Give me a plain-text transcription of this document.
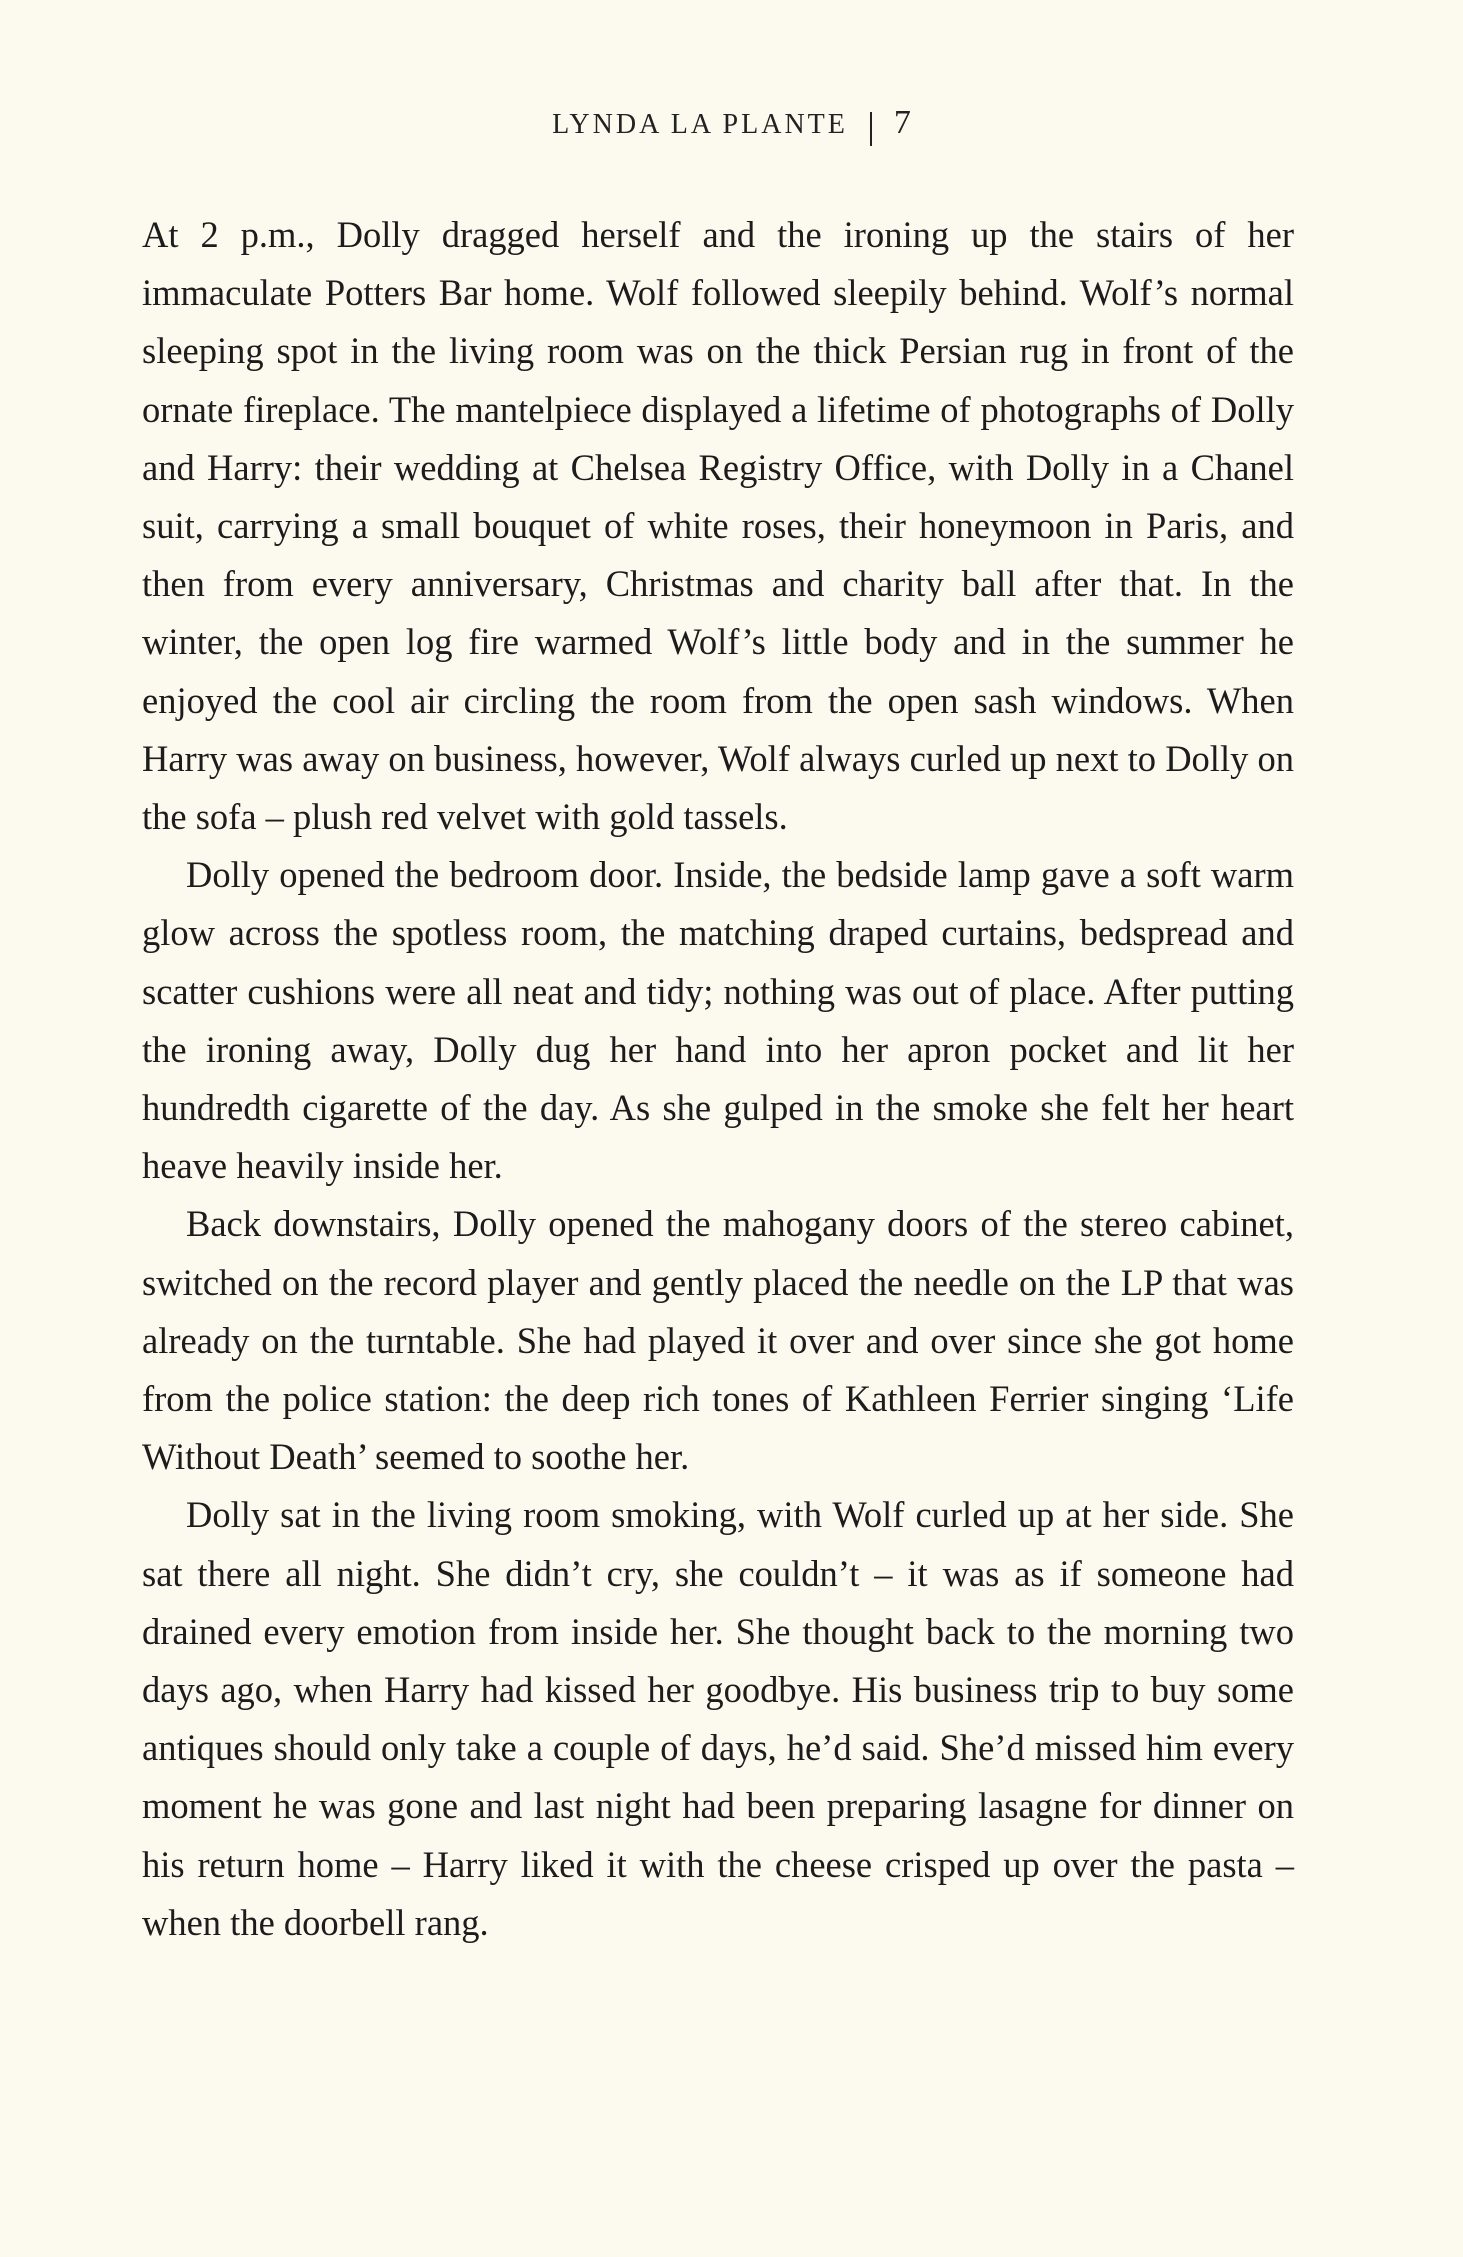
LYNDA LA PLANTE 7

At 2 p.m., Dolly dragged herself and the ironing up the stairs of her immaculate Potters Bar home. Wolf followed sleepily behind. Wolf’s normal sleeping spot in the living room was on the thick Persian rug in front of the ornate fireplace. The mantelpiece displayed a lifetime of photographs of Dolly and Harry: their wedding at Chelsea Registry Office, with Dolly in a Chanel suit, carrying a small bouquet of white roses, their honeymoon in Paris, and then from every anniversary, Christmas and charity ball after that. In the winter, the open log fire warmed Wolf’s little body and in the summer he enjoyed the cool air circling the room from the open sash windows. When Harry was away on business, however, Wolf always curled up next to Dolly on the sofa – plush red velvet with gold tassels.

Dolly opened the bedroom door. Inside, the bedside lamp gave a soft warm glow across the spotless room, the matching draped curtains, bedspread and scatter cushions were all neat and tidy; nothing was out of place. After putting the ironing away, Dolly dug her hand into her apron pocket and lit her hundredth cigarette of the day. As she gulped in the smoke she felt her heart heave heavily inside her.

Back downstairs, Dolly opened the mahogany doors of the stereo cabinet, switched on the record player and gently placed the needle on the LP that was already on the turntable. She had played it over and over since she got home from the police station: the deep rich tones of Kathleen Ferrier singing ‘Life Without Death’ seemed to soothe her.

Dolly sat in the living room smoking, with Wolf curled up at her side. She sat there all night. She didn’t cry, she couldn’t – it was as if someone had drained every emotion from inside her. She thought back to the morning two days ago, when Harry had kissed her goodbye. His business trip to buy some antiques should only take a couple of days, he’d said. She’d missed him every moment he was gone and last night had been preparing lasagne for dinner on his return home – Harry liked it with the cheese crisped up over the pasta – when the doorbell rang.
